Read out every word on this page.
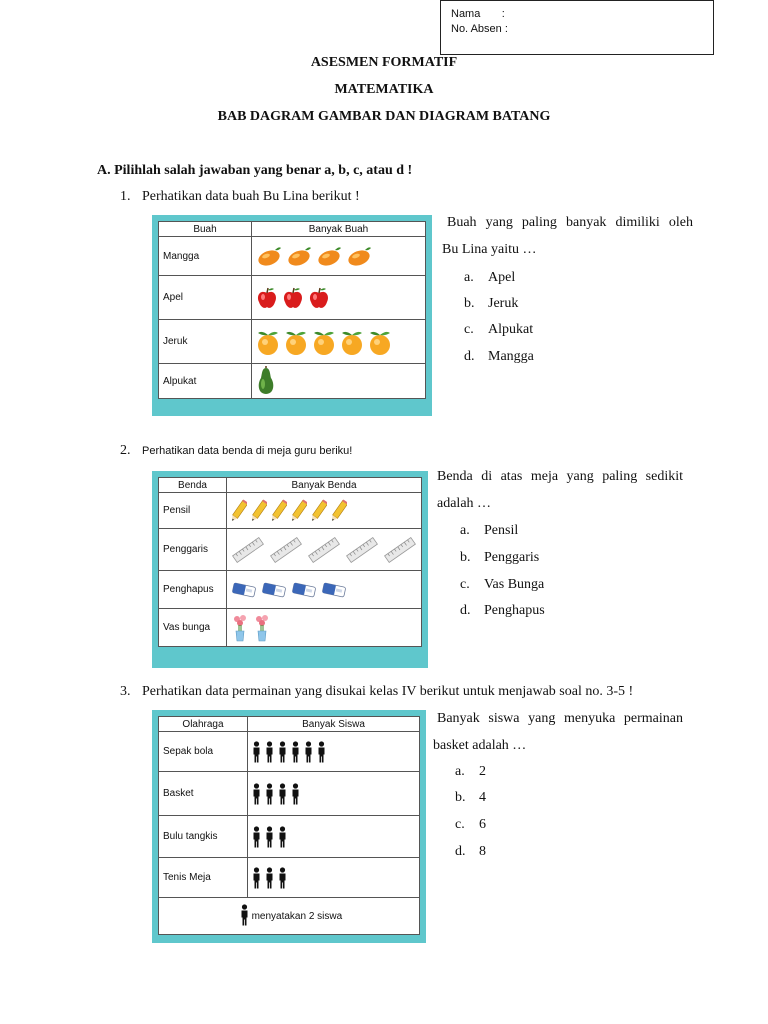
Nama       :
No. Absen :
ASESMEN FORMATIF
MATEMATIKA
BAB DAGRAM GAMBAR DAN DIAGRAM BATANG
A. Pilihlah salah jawaban yang benar a, b, c, atau d !
1. Perhatikan data buah Bu Lina berikut !
Buah	Banyak Buah
Mangga	

Apel	

Jeruk	

Alpukat	
Buah yang paling banyak dimiliki oleh
Bu Lina yaitu …
a. Apel
b. Jeruk
c. Alpukat
d. Mangga
2. Perhatikan data benda di meja guru beriku!
Benda	Banyak Benda
Pensil	

Penggaris	

Penghapus	

Vas bunga	
Benda di atas meja yang paling sedikit
adalah …
a. Pensil
b. Penggaris
c. Vas Bunga
d. Penghapus
3. Perhatikan data permainan yang disukai kelas IV berikut untuk menjawab soal no. 3-5 !
Olahraga	Banyak Siswa
Sepak bola	

Basket	

Bulu tangkis	

Tenis Meja	

menyatakan 2 siswa	
Banyak siswa yang menyuka permainan
basket adalah …
a. 2
b. 4
c. 6
d. 8
